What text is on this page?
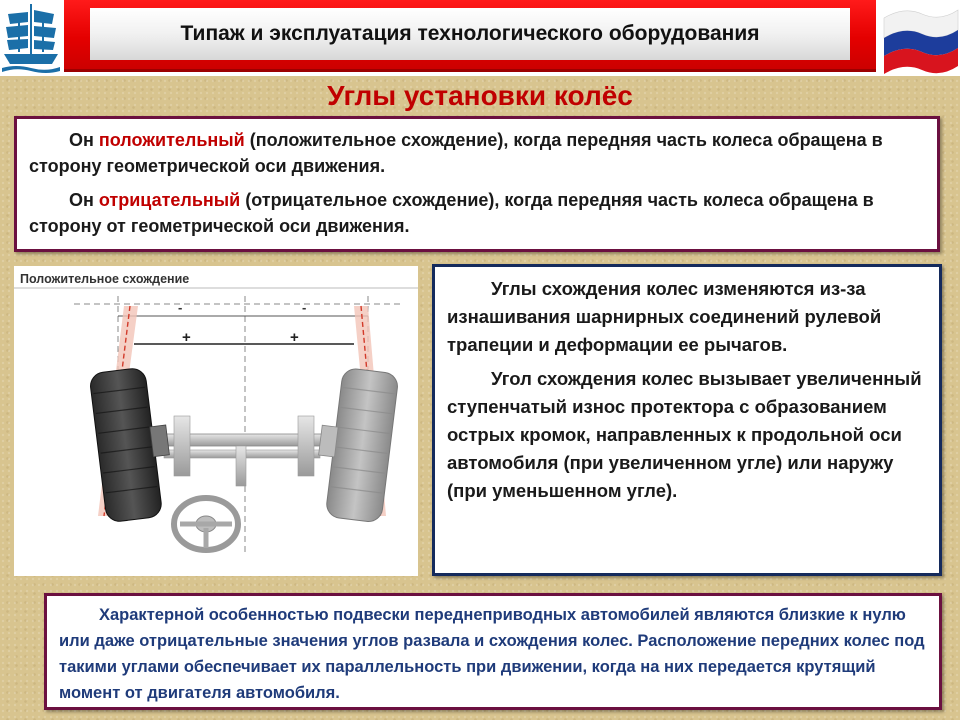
Типаж и эксплуатация технологического оборудования
Углы установки колёс

Он положительный (положительное схождение), когда передняя часть колеса обращена в сторону геометрической оси движения.

Он отрицательный (отрицательное схождение), когда передняя часть колеса обращена в сторону от геометрической оси движения.

Положительное схождение
-	-
+	+

Углы схождения колес изменяются из-за изнашивания шарнирных соединений рулевой трапеции и деформации ее рычагов.

Угол схождения колес вызывает увеличенный ступенчатый износ протектора с образованием острых кромок, направленных к продольной оси автомобиля (при увеличенном угле) или наружу (при уменьшенном угле).

Характерной особенностью подвески переднеприводных автомобилей являются близкие к нулю или даже отрицательные значения углов развала и схождения колес. Расположение передних колес под такими углами обеспечивает их параллельность при движении, когда на них передается крутящий момент от двигателя автомобиля.
